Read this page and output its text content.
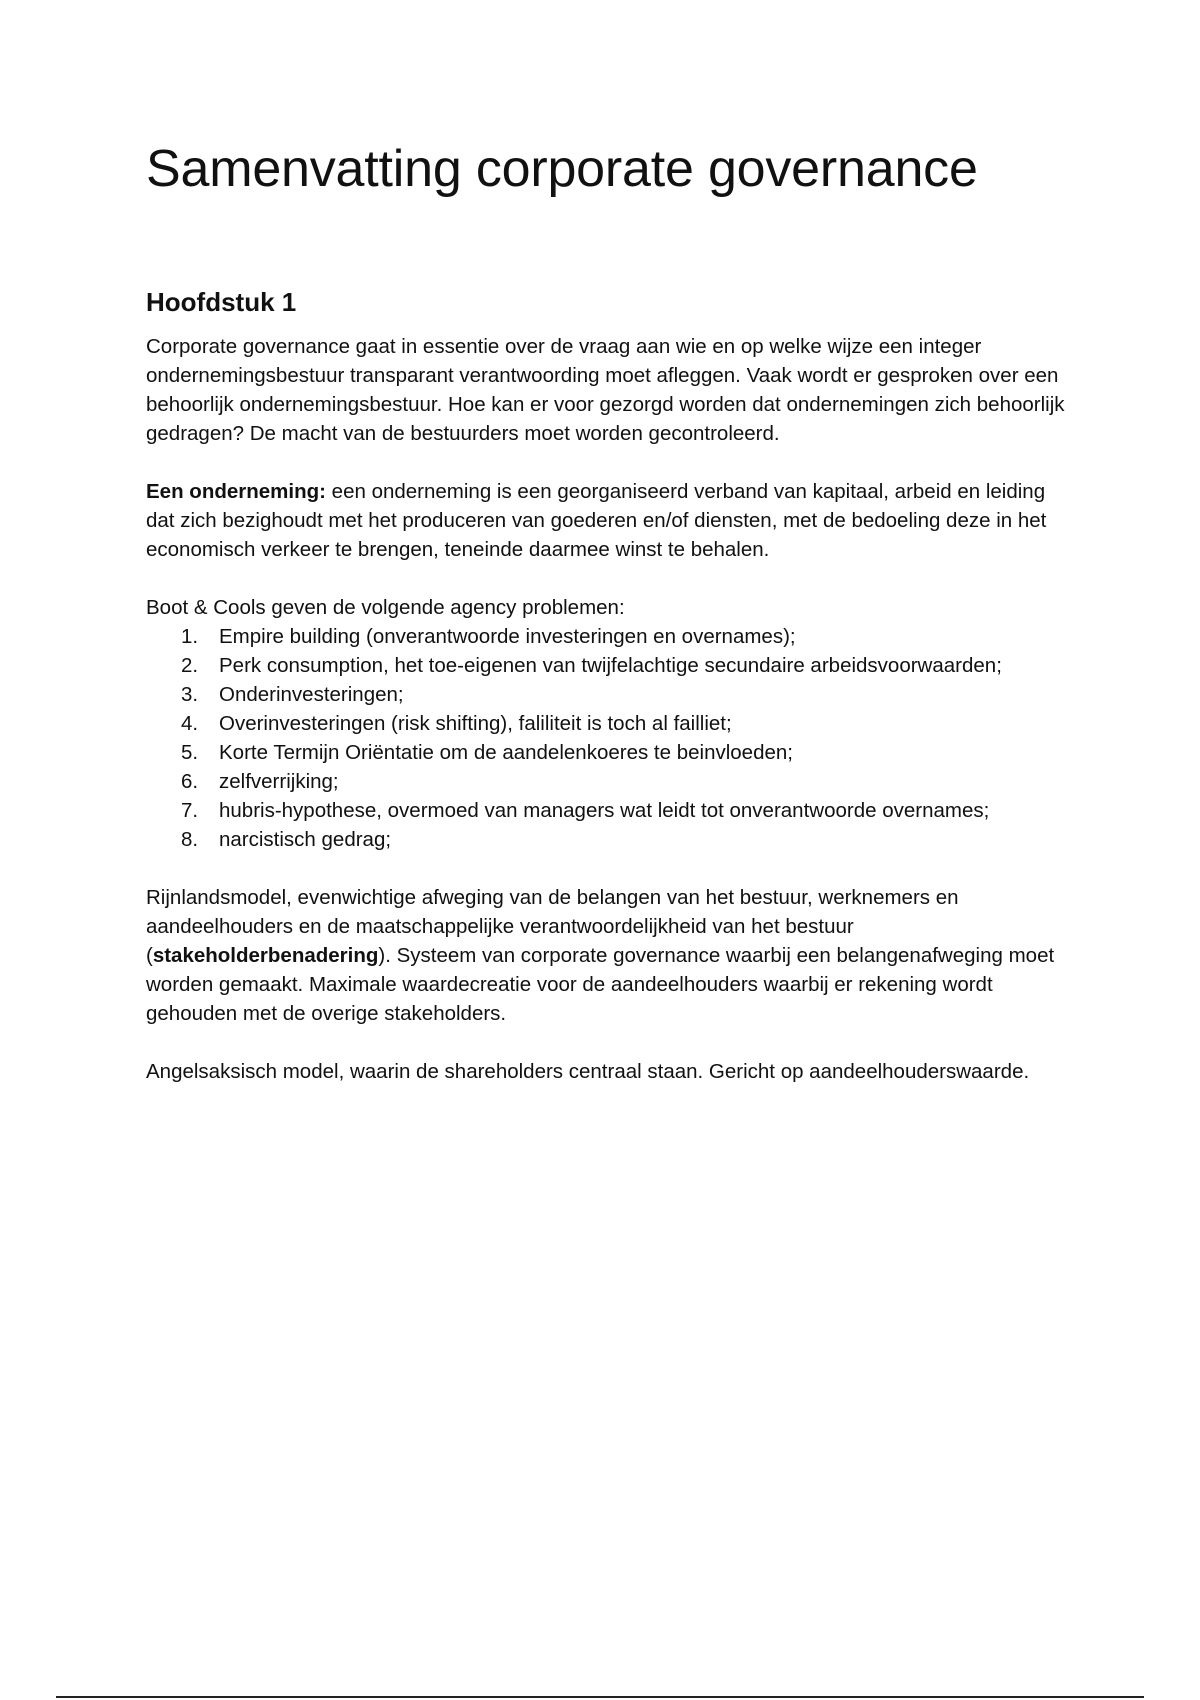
Samenvatting corporate governance
Hoofdstuk 1

Corporate governance gaat in essentie over de vraag aan wie en op welke wijze een integer ondernemingsbestuur transparant verantwoording moet afleggen. Vaak wordt er gesproken over een behoorlijk ondernemingsbestuur. Hoe kan er voor gezorgd worden dat ondernemingen zich behoorlijk gedragen? De macht van de bestuurders moet worden gecontroleerd.

Een onderneming: een onderneming is een georganiseerd verband van kapitaal, arbeid en leiding dat zich bezighoudt met het produceren van goederen en/of diensten, met de bedoeling deze in het economisch verkeer te brengen, teneinde daarmee winst te behalen.

Boot & Cools geven de volgende agency problemen:

1. Empire building (onverantwoorde investeringen en overnames);
2. Perk consumption, het toe-eigenen van twijfelachtige secundaire arbeidsvoorwaarden;
3. Onderinvesteringen;
4. Overinvesteringen (risk shifting), faliliteit is toch al failliet;
5. Korte Termijn Oriëntatie om de aandelenkoeres te beinvloeden;
6. zelfverrijking;
7. hubris-hypothese, overmoed van managers wat leidt tot onverantwoorde overnames;
8. narcistisch gedrag;

Rijnlandsmodel, evenwichtige afweging van de belangen van het bestuur, werknemers en aandeelhouders en de maatschappelijke verantwoordelijkheid van het bestuur (stakeholderbenadering). Systeem van corporate governance waarbij een belangenafweging moet worden gemaakt. Maximale waardecreatie voor de aandeelhouders waarbij er rekening wordt gehouden met de overige stakeholders.

Angelsaksisch model, waarin de shareholders centraal staan. Gericht op aandeelhouderswaarde.
